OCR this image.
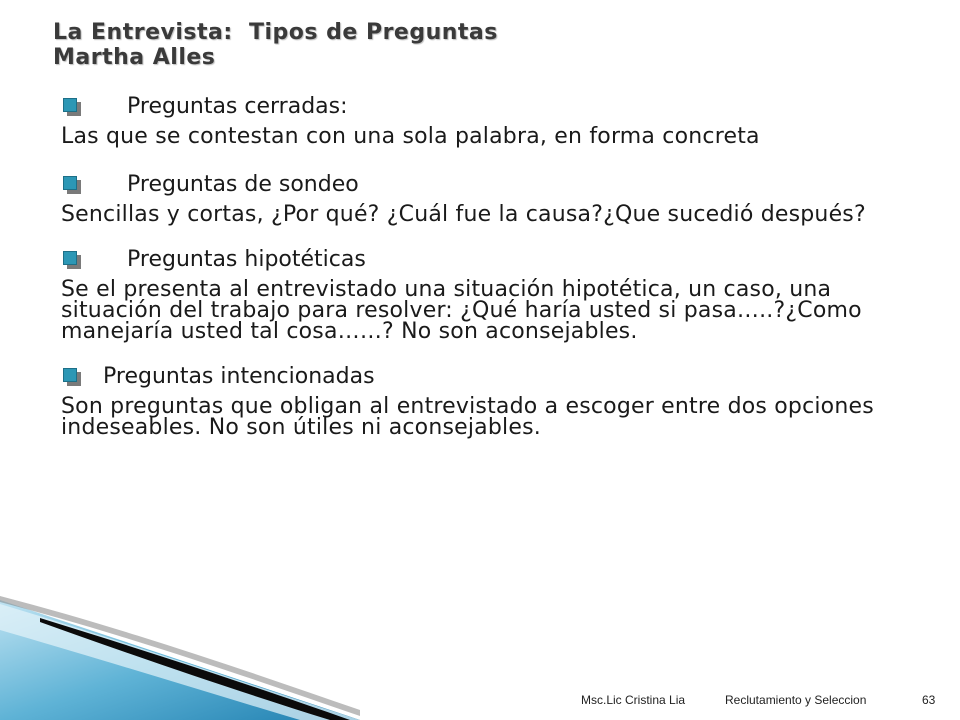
La Entrevista:  Tipos de Preguntas
Martha Alles
Preguntas cerradas:

Las que se contestan con una sola palabra, en forma concreta

Preguntas de sondeo

Sencillas y cortas, ¿Por qué? ¿Cuál fue la causa?¿Que sucedió después?

Preguntas hipotéticas

Se el presenta al entrevistado una situación hipotética, un caso, una situación del trabajo para resolver: ¿Qué haría usted si pasa…..?¿Como manejaría usted tal cosa……? No son aconsejables.

Preguntas intencionadas

Son preguntas que obligan al entrevistado a escoger entre dos opciones indeseables. No son útiles ni aconsejables.

Msc.Lic Cristina Lia	Reclutamiento y Seleccion	63
